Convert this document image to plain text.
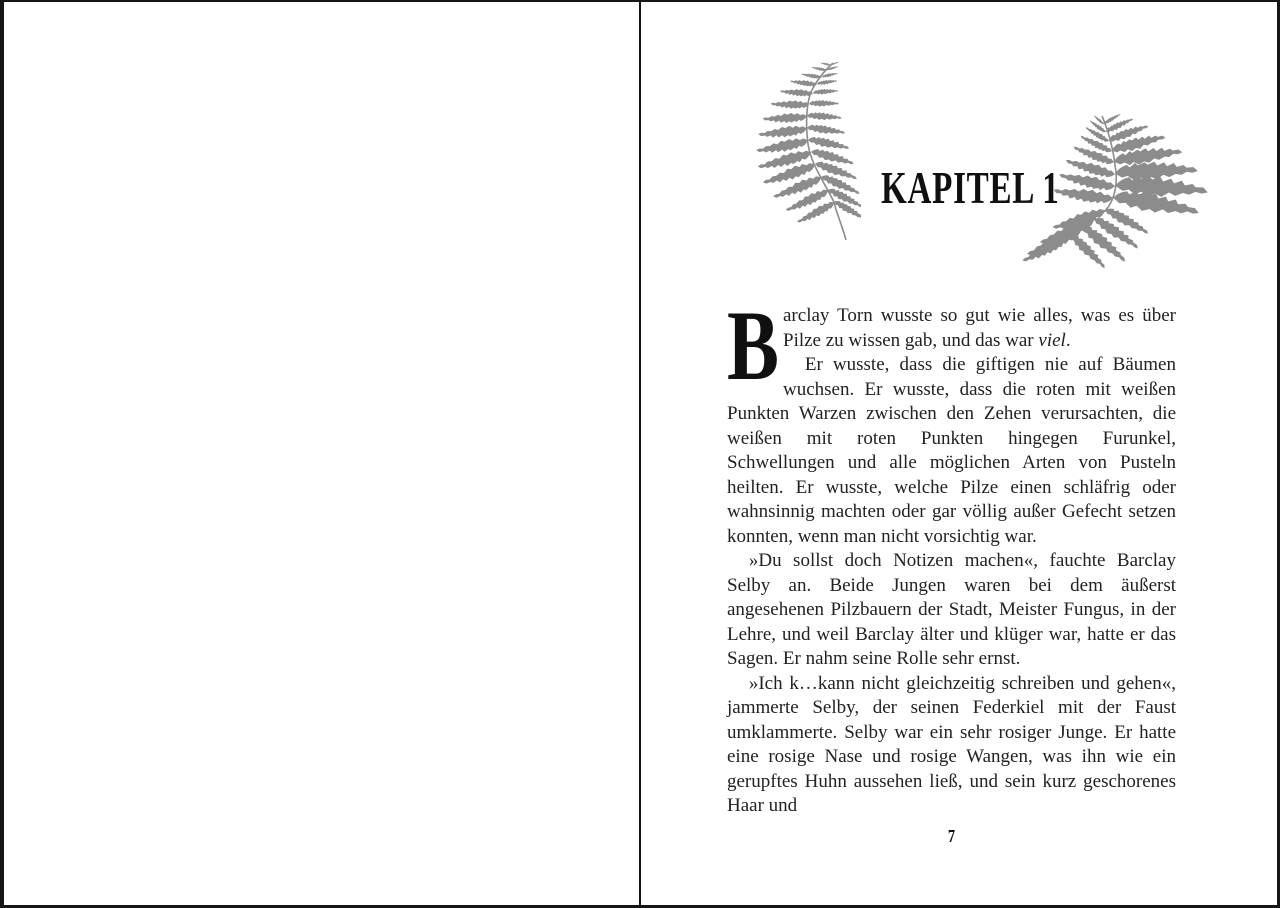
KAPITEL 1
B arclay Torn wusste so gut wie alles, was es über Pilze zu wissen gab, und das war viel.

Er wusste, dass die giftigen nie auf Bäumen wuchsen. Er wusste, dass die roten mit weißen Punkten Warzen zwischen den Zehen verursachten, die weißen mit roten Punkten hingegen Furunkel, Schwellungen und alle möglichen Arten von Pusteln heilten. Er wusste, welche Pilze einen schläfrig oder wahnsinnig machten oder gar völlig außer Gefecht setzen konnten, wenn man nicht vorsichtig war.

»Du sollst doch Notizen machen«, fauchte Barclay Selby an. Beide Jungen waren bei dem äußerst angesehenen Pilzbauern der Stadt, Meister Fungus, in der Lehre, und weil Barclay älter und klüger war, hatte er das Sagen. Er nahm seine Rolle sehr ernst.

»Ich k…kann nicht gleichzeitig schreiben und gehen«, jammerte Selby, der seinen Federkiel mit der Faust umklammerte. Selby war ein sehr rosiger Junge. Er hatte eine rosige Nase und rosige Wangen, was ihn wie ein gerupftes Huhn aussehen ließ, und sein kurz geschorenes Haar und

7
